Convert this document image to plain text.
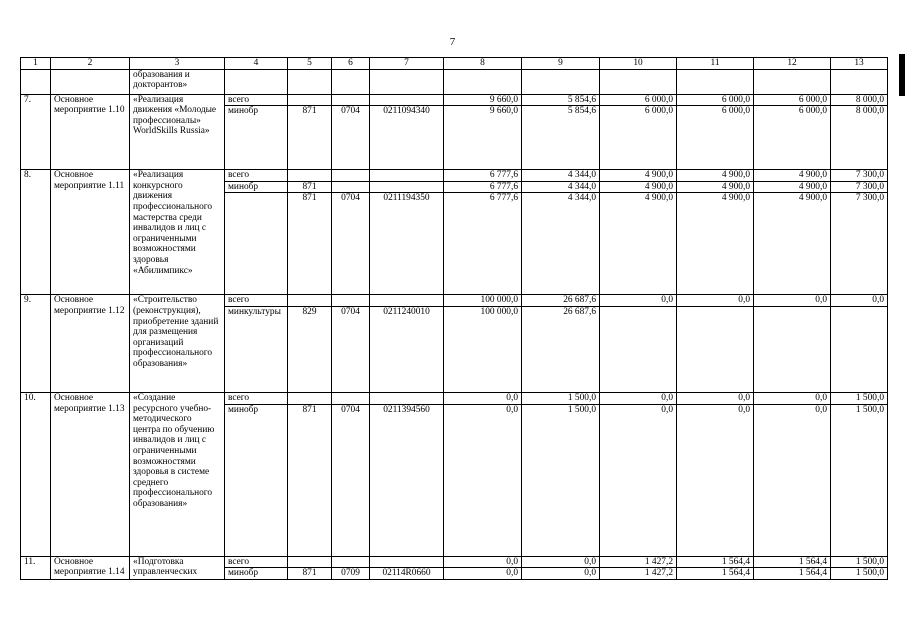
7
1	2	3	4	5	6	7	8	9	10	11	12	13
		образования и докторантов»										
7.	Основное мероприятие 1.10	«Реализация движения «Молодые профессионалы» WorldSkills Russia»	всего				9 660,0	5 854,6	6 000,0	6 000,0	6 000,0	8 000,0
			минобр	871	0704	0211094340	9 660,0	5 854,6	6 000,0	6 000,0	6 000,0	8 000,0
8.	Основное мероприятие 1.11	«Реализация конкурсного движения профессионального мастерства среди инвалидов и лиц с ограниченными возможностями здоровья «Абилимпикс»	всего				6 777,6	4 344,0	4 900,0	4 900,0	4 900,0	7 300,0
			минобр	871			6 777,6	4 344,0	4 900,0	4 900,0	4 900,0	7 300,0
				871	0704	0211194350	6 777,6	4 344,0	4 900,0	4 900,0	4 900,0	7 300,0
9.	Основное мероприятие 1.12	«Строительство (реконструкция), приобретение зданий для размещения организаций профессионального образования»	всего				100 000,0	26 687,6	0,0	0,0	0,0	0,0
			минкультуры	829	0704	0211240010	100 000,0	26 687,6				
10.	Основное мероприятие 1.13	«Создание ресурсного учебно-методического центра по обучению инвалидов и лиц с ограниченными возможностями здоровья в системе среднего профессионального образования»	всего				0,0	1 500,0	0,0	0,0	0,0	1 500,0
			минобр	871	0704	0211394560	0,0	1 500,0	0,0	0,0	0,0	1 500,0
11.	Основное мероприятие 1.14	«Подготовка управленческих	всего				0,0	0,0	1 427,2	1 564,4	1 564,4	1 500,0
			минобр	871	0709	02114R0660	0,0	0,0	1 427,2	1 564,4	1 564,4	1 500,0
